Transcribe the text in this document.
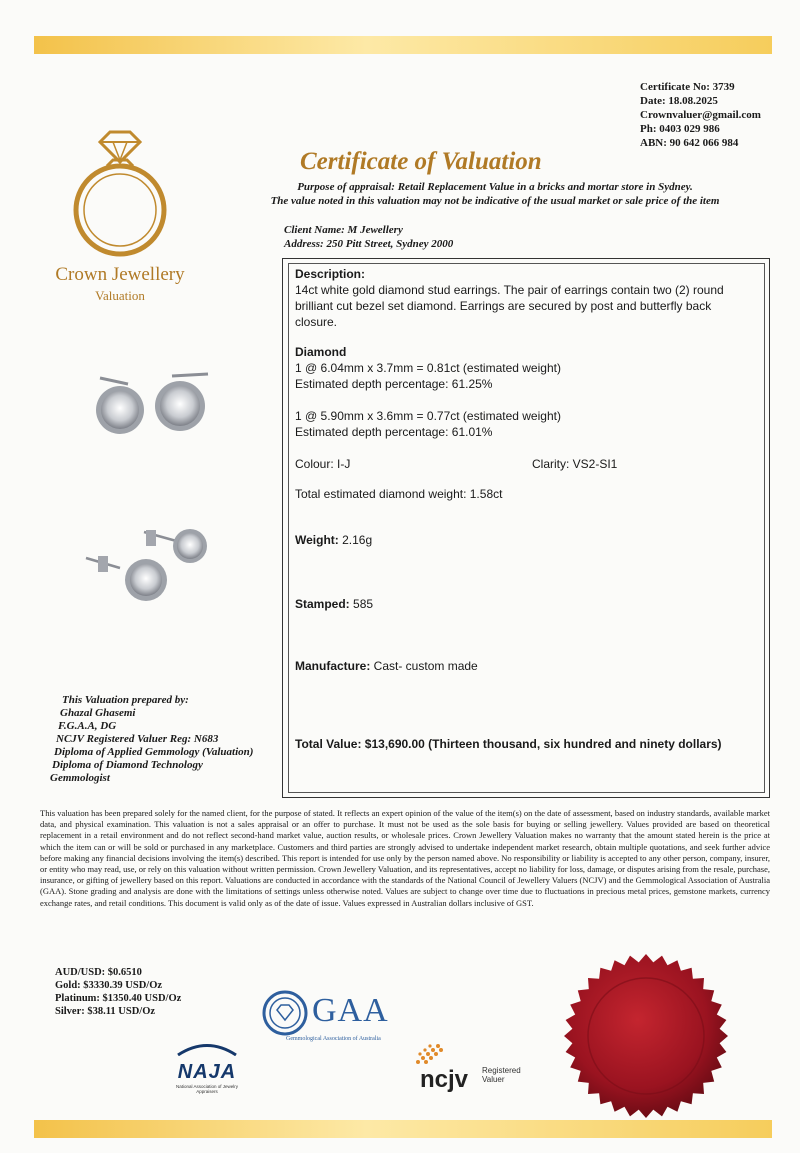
Certificate No: 3739
Date: 18.08.2025
Crownvaluer@gmail.com
Ph: 0403 029 986
ABN: 90 642 066 984
Crown Jewellery
Valuation
Certificate of Valuation
Purpose of appraisal: Retail Replacement Value in a bricks and mortar store in Sydney.
The value noted in this valuation may not be indicative of the usual market or sale price of the item
Client Name: M Jewellery
Address: 250 Pitt Street, Sydney 2000
Description:
14ct white gold diamond stud earrings. The pair of earrings contain two (2) round brilliant cut bezel set diamond. Earrings are secured by post and butterfly back closure.
Diamond
1 @ 6.04mm x 3.7mm = 0.81ct (estimated weight)
Estimated depth percentage: 61.25%
1 @ 5.90mm x 3.6mm = 0.77ct (estimated weight)
Estimated depth percentage: 61.01%
Colour: I-J	Clarity: VS2-SI1
Total estimated diamond weight: 1.58ct
Weight: 2.16g
Stamped: 585
Manufacture: Cast- custom made
Total Value: $13,690.00 (Thirteen thousand, six hundred and ninety dollars)
This Valuation prepared by:
Ghazal Ghasemi
F.G.A.A, DG
NCJV Registered Valuer Reg: N683
Diploma of Applied Gemmology (Valuation)
Diploma of Diamond Technology
Gemmologist
This valuation has been prepared solely for the named client, for the purpose of stated. It reflects an expert opinion of the value of the item(s) on the date of assessment, based on industry standards, available market data, and physical examination. This valuation is not a sales appraisal or an offer to purchase. It must not be used as the sole basis for buying or selling jewellery. Values provided are based on theoretical replacement in a retail environment and do not reflect second-hand market value, auction results, or wholesale prices. Crown Jewellery Valuation makes no warranty that the amount stated herein is the price at which the item can or will be sold or purchased in any marketplace. Customers and third parties are strongly advised to undertake independent market research, obtain multiple quotations, and seek further advice before making any financial decisions involving the item(s) described. This report is intended for use only by the person named above. No responsibility or liability is accepted to any other person, company, insurer, or entity who may read, use, or rely on this valuation without written permission. Crown Jewellery Valuation, and its representatives, accept no liability for loss, damage, or disputes arising from the resale, purchase, insurance, or gifting of jewellery based on this report. Valuations are conducted in accordance with the standards of the National Council of Jewellery Valuers (NCJV) and the Gemmological Association of Australia (GAA). Stone grading and analysis are done with the limitations of settings unless otherwise noted. Values are subject to change over time due to fluctuations in precious metal prices, gemstone markets, currency exchange rates, and retail conditions. This document is valid only as of the date of issue. Values expressed in Australian dollars inclusive of GST.
AUD/USD: $0.6510
Gold: $3330.39 USD/Oz
Platinum: $1350.40 USD/Oz
Silver: $38.11 USD/Oz	GAA
Gemmological Association of Australia
NAJA
National Association of Jewelry Appraisers	ncjv Registered
Valuer
